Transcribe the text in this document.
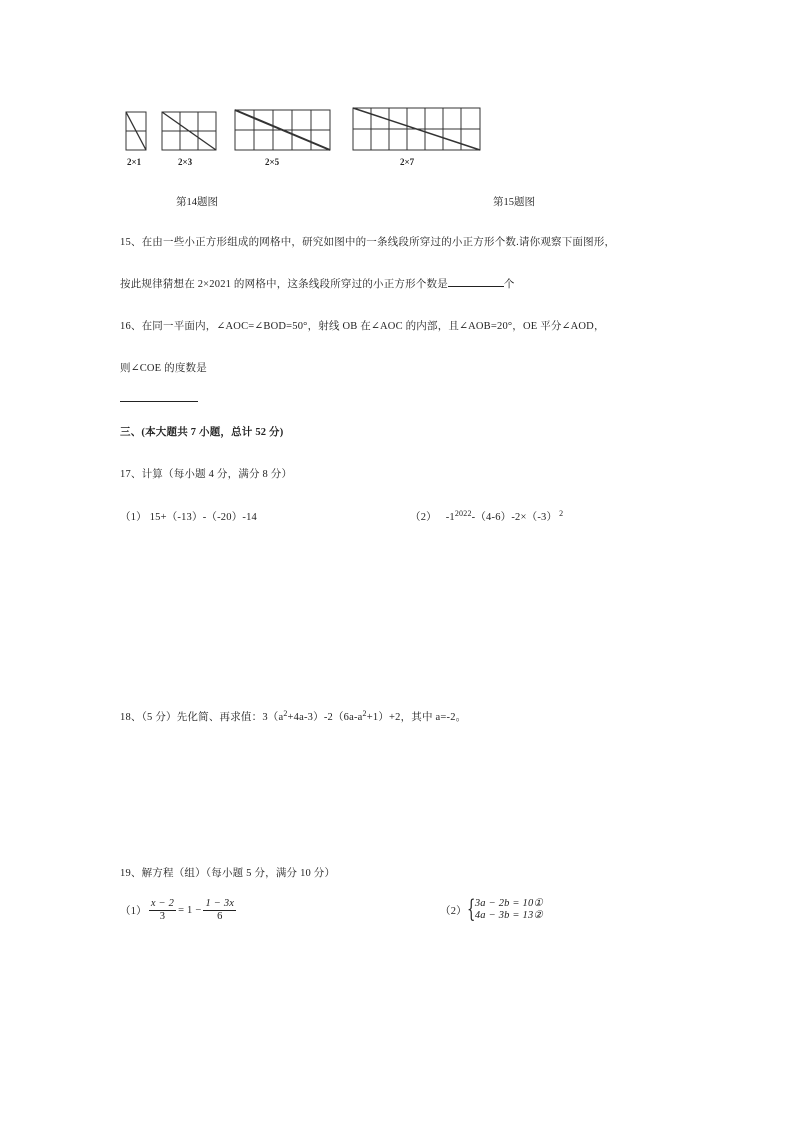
2×1	2×3	2×5	2×7
第14题图	第15题图
15、在由一些小正方形组成的网格中，研究如图中的一条线段所穿过的小正方形个数.请你观察下面图形，
按此规律猜想在 2×2021 的网格中，这条线段所穿过的小正方形个数是	个
16、在同一平面内，∠AOC=∠BOD=50°，射线 OB 在∠AOC 的内部，且∠AOB=20°，OE 平分∠AOD，
则∠COE 的度数是
三、(本大题共 7 小题，总计 52 分)
17、计算（每小题 4 分，满分 8 分）
（1） 15+（-13）-（-20）-14	（2） $-1^{2022}-(4-6)-2\times(-3)$ $^2$
18、（5 分）先化简、再求值：$3(a^2+4a-3)-2(6a-a^2+1)+2$，其中 a=-2。
19、解方程（组）（每小题 5 分，满分 10 分）
$(1) \frac{x - 2}{3} = 1 - \frac{1 - 3x}{6}$	（2） { 3a − 2b = 10①
4a − 3b = 13②
